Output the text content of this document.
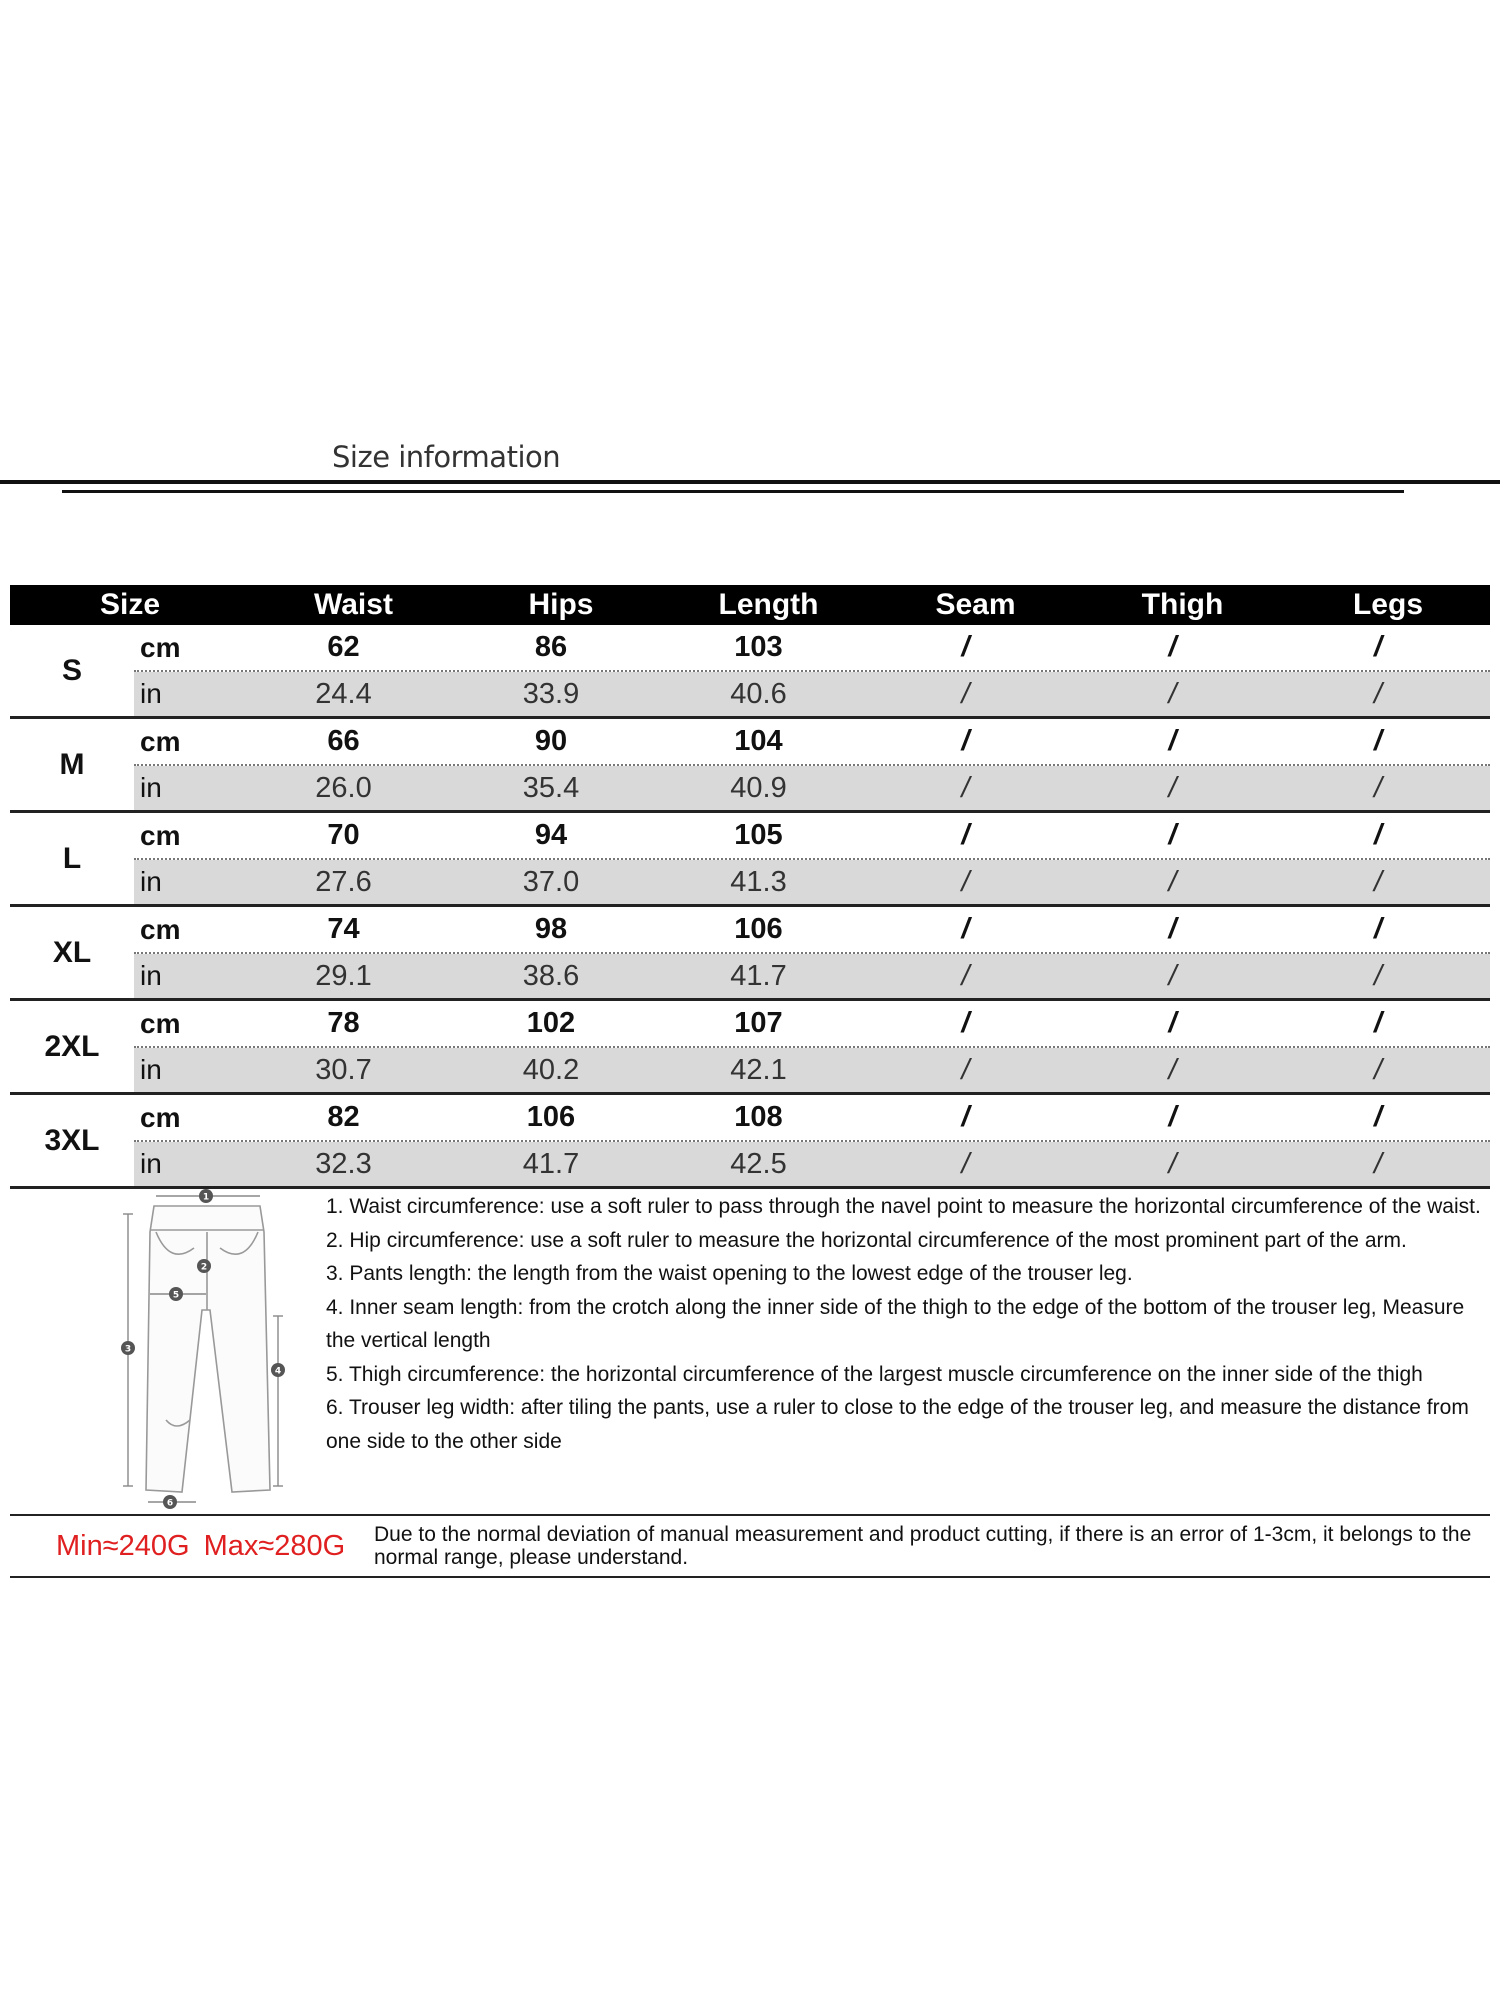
Size information
Size	Waist	Hips	Length	Seam	Thigh	Legs
S
cm	62	86	103	/	/	/
in	24.4	33.9	40.6	/	/	/
M
cm	66	90	104	/	/	/
in	26.0	35.4	40.9	/	/	/
L
cm	70	94	105	/	/	/
in	27.6	37.0	41.3	/	/	/
XL
cm	74	98	106	/	/	/
in	29.1	38.6	41.7	/	/	/
2XL
cm	78	102	107	/	/	/
in	30.7	40.2	42.1	/	/	/
3XL
cm	82	106	108	/	/	/
in	32.3	41.7	42.5	/	/	/
1
2
3
4
5
6

1. Waist circumference: use a soft ruler to pass through the navel point to measure the horizontal circumference of the waist.

2. Hip circumference: use a soft ruler to measure the horizontal circumference of the most prominent part of the arm.

3. Pants length: the length from the waist opening to the lowest edge of the trouser leg.

4. Inner seam length: from the crotch along the inner side of the thigh to the edge of the bottom of the trouser leg, Measure the vertical length

5. Thigh circumference: the horizontal circumference of the largest muscle circumference on the inner side of the thigh

6. Trouser leg width: after tiling the pants, use a ruler to close to the edge of the trouser leg, and measure the distance from one side to the other side

Min≈240G Max≈280G	Due to the normal deviation of manual measurement and product cutting, if there is an error of 1-3cm, it belongs to the normal range, please understand.
